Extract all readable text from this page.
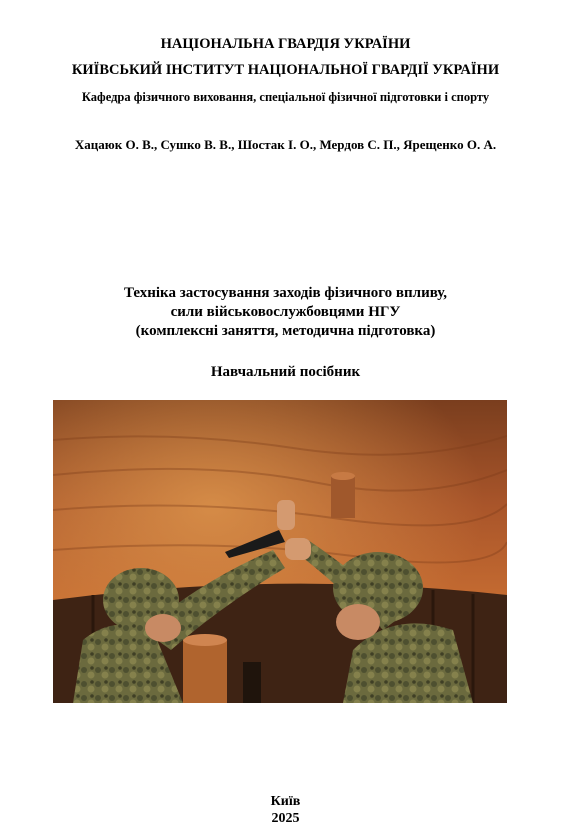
НАЦІОНАЛЬНА ГВАРДІЯ УКРАЇНИ
КИЇВСЬКИЙ ІНСТИТУТ НАЦІОНАЛЬНОЇ ГВАРДІЇ УКРАЇНИ
Кафедра фізичного виховання, спеціальної фізичної підготовки і спорту
Хацаюк О. В., Сушко В. В., Шостак І. О., Мердов С. П., Ярещенко О. А.
Техніка застосування заходів фізичного впливу,
сили військовослужбовцями НГУ
(комплексні заняття, методична підготовка)
Навчальний посібник
Київ
2025
